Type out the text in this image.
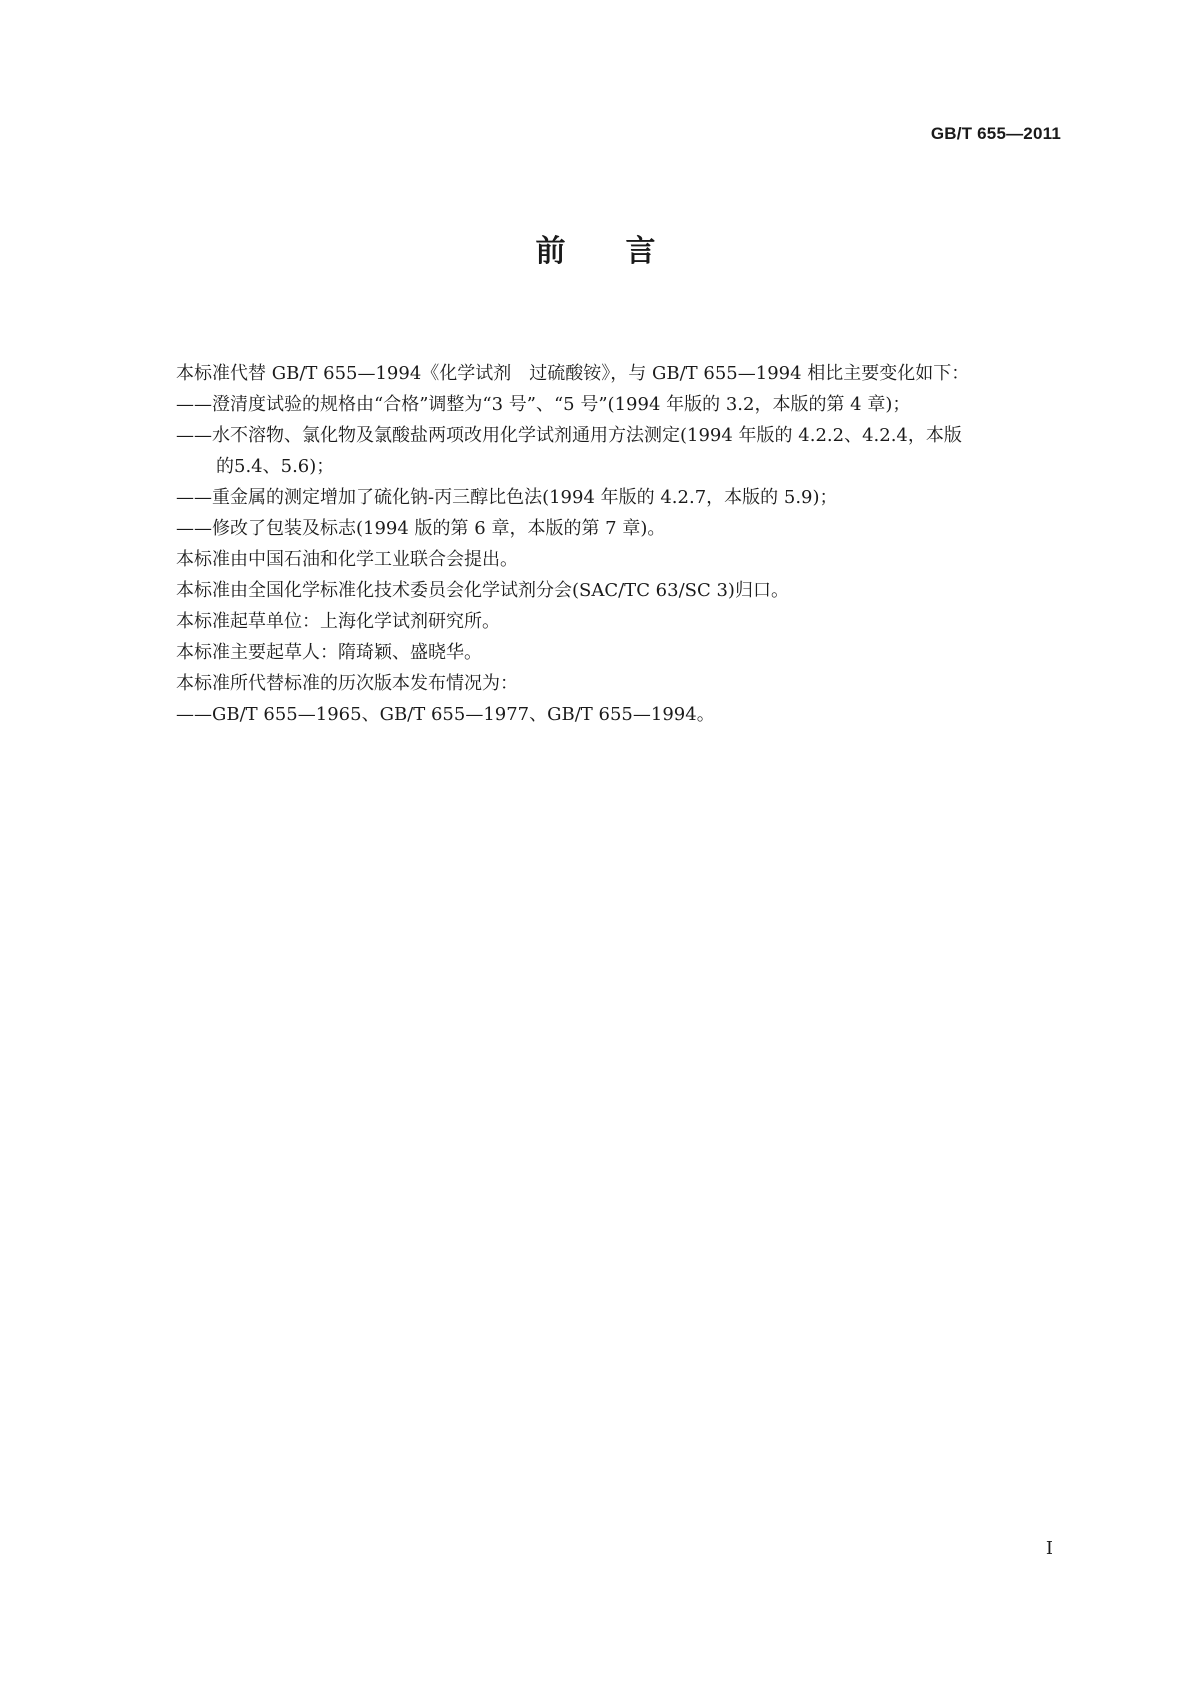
GB/T 655—2011
前言

本标准代替 GB/T 655—1994《化学试剂　过硫酸铵》，与 GB/T 655—1994 相比主要变化如下：

——澄清度试验的规格由“合格”调整为“3 号”、“5 号”(1994 年版的 3.2，本版的第 4 章)；

——水不溶物、氯化物及氯酸盐两项改用化学试剂通用方法测定(1994 年版的 4.2.2、4.2.4，本版

的5.4、5.6)；

——重金属的测定增加了硫化钠-丙三醇比色法(1994 年版的 4.2.7，本版的 5.9)；

——修改了包装及标志(1994 版的第 6 章，本版的第 7 章)。

本标准由中国石油和化学工业联合会提出。

本标准由全国化学标准化技术委员会化学试剂分会(SAC/TC 63/SC 3)归口。

本标准起草单位：上海化学试剂研究所。

本标准主要起草人：隋琦颖、盛晓华。

本标准所代替标准的历次版本发布情况为：

——GB/T 655—1965、GB/T 655—1977、GB/T 655—1994。

I
